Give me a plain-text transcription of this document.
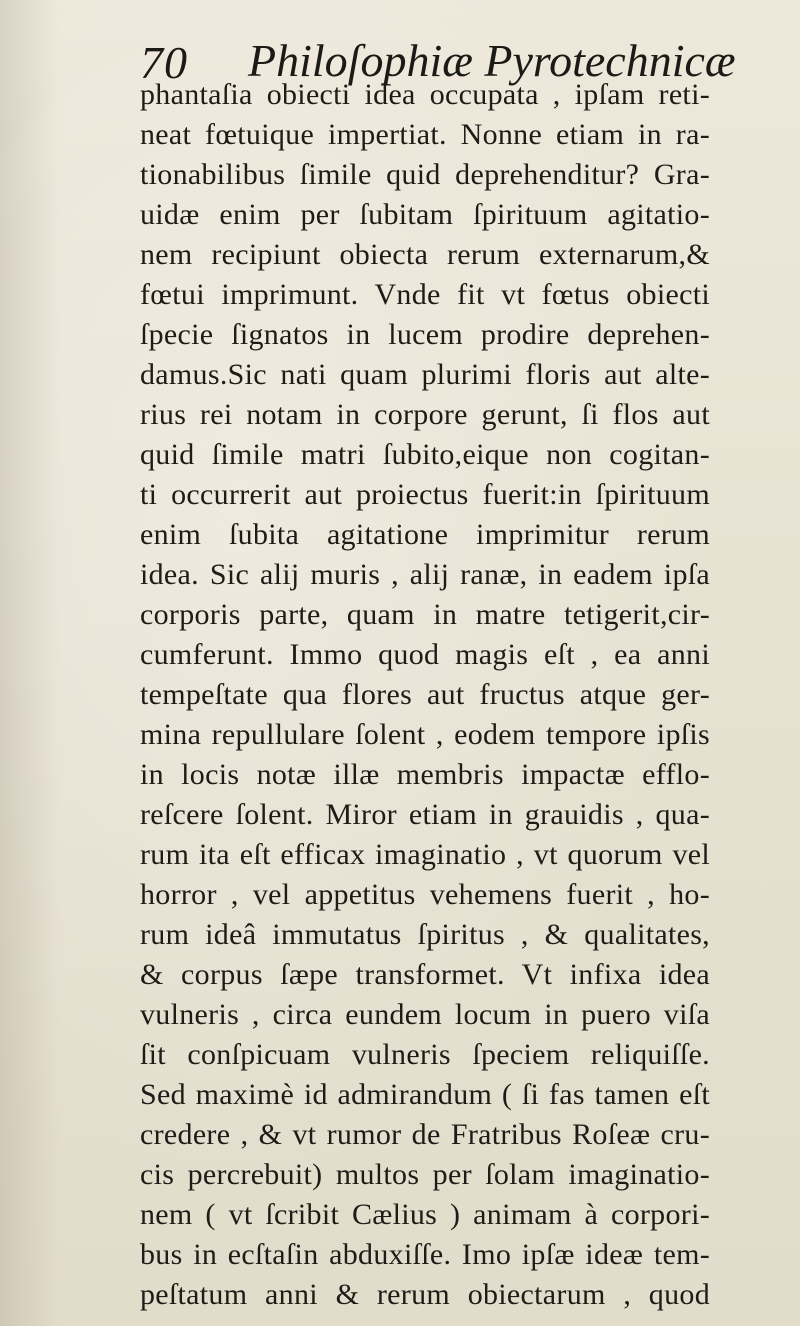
70 Philoſophiæ Pyrotechnicæ
phantaſia obiecti idea occupata , ipſam reti-
neat fœtuique impertiat. Nonne etiam in ra-
tionabilibus ſimile quid deprehenditur? Gra-
uidæ enim per ſubitam ſpirituum agitatio-
nem recipiunt obiecta rerum externarum,&
fœtui imprimunt. Vnde fit vt fœtus obiecti
ſpecie ſignatos in lucem prodire deprehen-
damus.Sic nati quam plurimi floris aut alte-
rius rei notam in corpore gerunt, ſi flos aut
quid ſimile matri ſubito,eique non cogitan-
ti occurrerit aut proiectus fuerit:in ſpirituum
enim ſubita agitatione imprimitur rerum
idea. Sic alij muris , alij ranæ, in eadem ipſa
corporis parte, quam in matre tetigerit,cir-
cumferunt. Immo quod magis eſt , ea anni
tempeſtate qua flores aut fructus atque ger-
mina repullulare ſolent , eodem tempore ipſis
in locis notæ illæ membris impactæ efflo-
reſcere ſolent. Miror etiam in grauidis , qua-
rum ita eſt efficax imaginatio , vt quorum vel
horror , vel appetitus vehemens fuerit , ho-
rum ideâ immutatus ſpiritus , & qualitates,
& corpus ſæpe transformet. Vt infixa idea
vulneris , circa eundem locum in puero viſa
ſit conſpicuam vulneris ſpeciem reliquiſſe.
Sed maximè id admirandum ( ſi fas tamen eſt
credere , & vt rumor de Fratribus Roſeæ cru-
cis percrebuit) multos per ſolam imaginatio-
nem ( vt ſcribit Cælius ) animam à corpori-
bus in ecſtaſin abduxiſſe. Imo ipſæ ideæ tem-
peſtatum anni & rerum obiectarum , quod
